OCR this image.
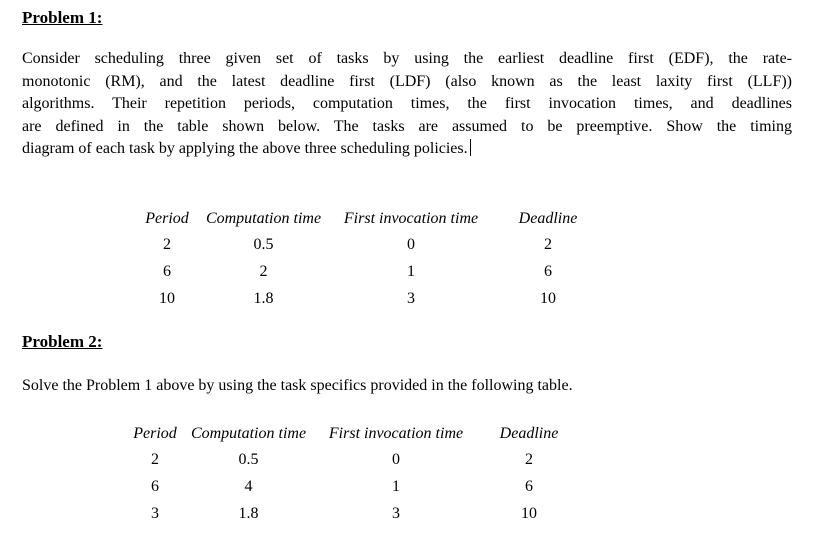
Problem 1:
Consider scheduling three given set of tasks by using the earliest deadline first (EDF), the rate-
monotonic (RM), and the latest deadline first (LDF) (also known as the least laxity first (LLF))
algorithms. Their repetition periods, computation times, the first invocation times, and deadlines
are defined in the table shown below. The tasks are assumed to be preemptive. Show the timing
diagram of each task by applying the above three scheduling policies.
Period	Computation time	First invocation time	Deadline
2	0.5	0	2
6	2	1	6
10	1.8	3	10
Problem 2:
Solve the Problem 1 above by using the task specifics provided in the following table.
Period	Computation time	First invocation time	Deadline
2	0.5	0	2
6	4	1	6
3	1.8	3	10
